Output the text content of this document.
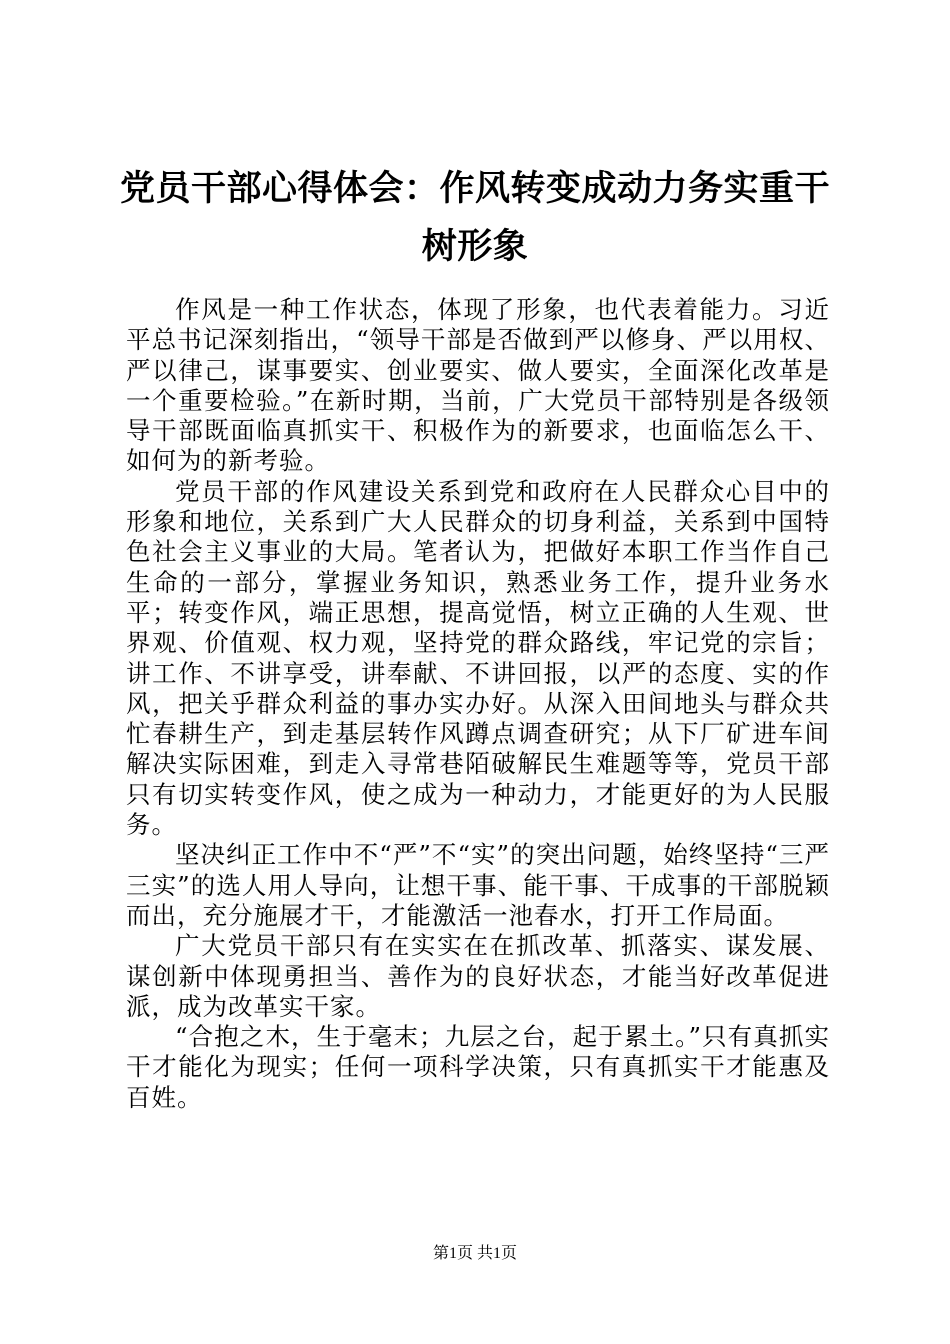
党员干部心得体会：作风转变成动力务实重干树形象

作风是一种工作状态，体现了形象，也代表着能力。习近平总书记深刻指出，“领导干部是否做到严以修身、严以用权、严以律己，谋事要实、创业要实、做人要实，全面深化改革是一个重要检验。”在新时期，当前，广大党员干部特别是各级领导干部既面临真抓实干、积极作为的新要求，也面临怎么干、如何为的新考验。

党员干部的作风建设关系到党和政府在人民群众心目中的形象和地位，关系到广大人民群众的切身利益，关系到中国特色社会主义事业的大局。笔者认为，把做好本职工作当作自己生命的一部分，掌握业务知识，熟悉业务工作，提升业务水平；转变作风，端正思想，提高觉悟，树立正确的人生观、世界观、价值观、权力观，坚持党的群众路线，牢记党的宗旨；讲工作、不讲享受，讲奉献、不讲回报，以严的态度、实的作风，把关乎群众利益的事办实办好。从深入田间地头与群众共忙春耕生产，到走基层转作风蹲点调查研究；从下厂矿进车间解决实际困难，到走入寻常巷陌破解民生难题等等，党员干部只有切实转变作风，使之成为一种动力，才能更好的为人民服务。

坚决纠正工作中不“严”不“实”的突出问题，始终坚持“三严三实”的选人用人导向，让想干事、能干事、干成事的干部脱颖而出，充分施展才干，才能激活一池春水，打开工作局面。

广大党员干部只有在实实在在抓改革、抓落实、谋发展、谋创新中体现勇担当、善作为的良好状态，才能当好改革促进派，成为改革实干家。

“合抱之木，生于毫末；九层之台，起于累土。”只有真抓实干才能化为现实；任何一项科学决策，只有真抓实干才能惠及百姓。

第1页 共1页
